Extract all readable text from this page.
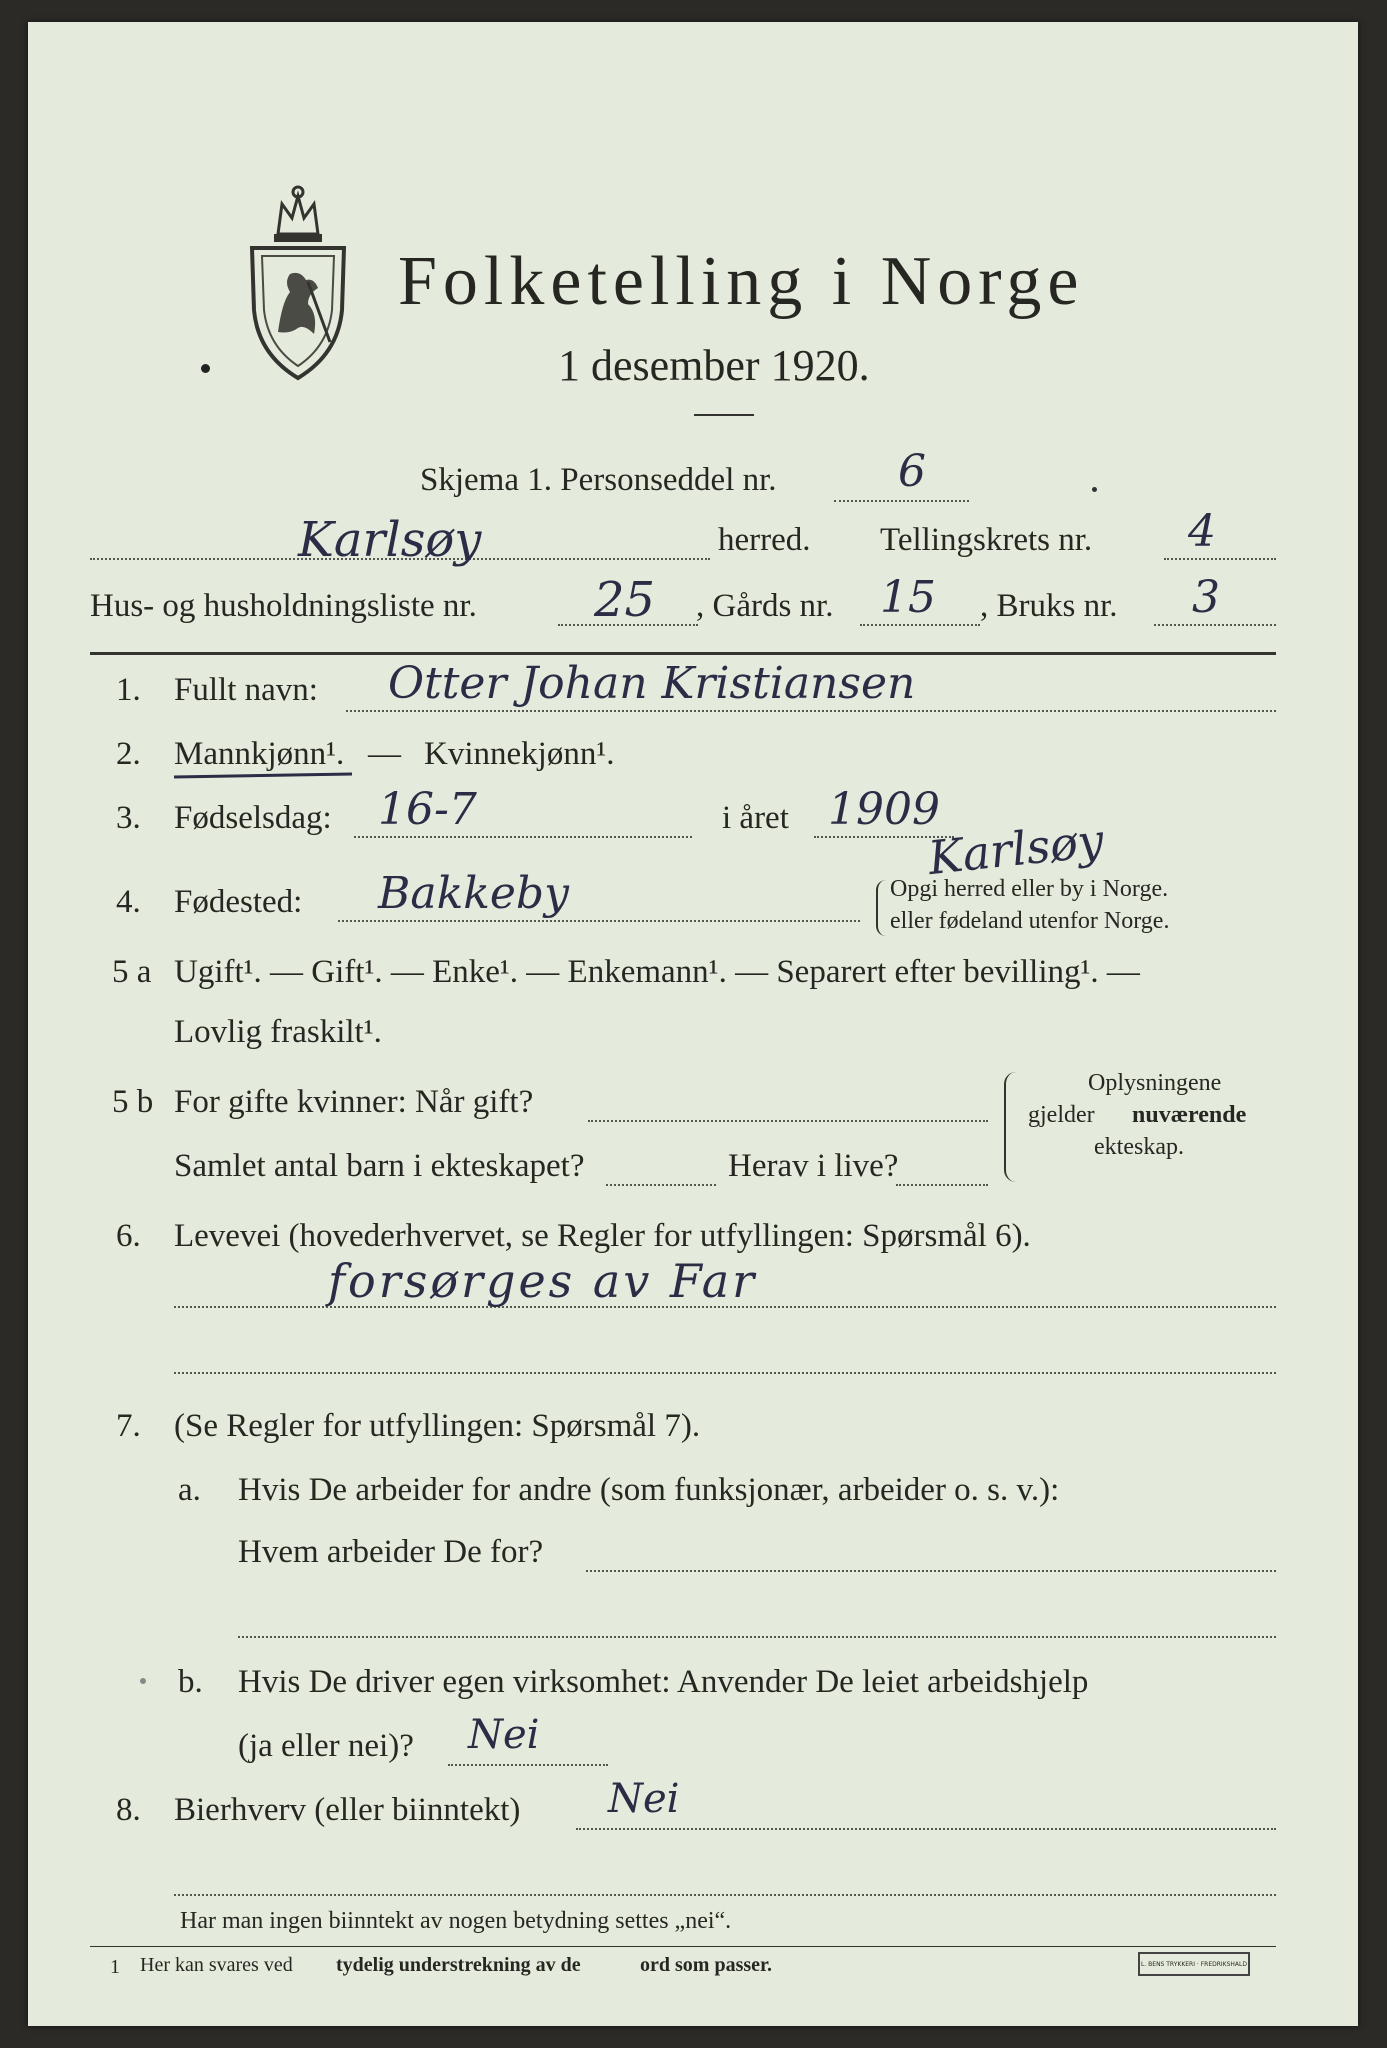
Folketelling i Norge
1 desember 1920.
Skjema 1. Personseddel nr.	6
Karlsøy	herred. Tellingskrets nr. 4
Hus- og husholdningsliste nr. 25 , Gårds nr. 15 , Bruks nr. 3
1. Fullt navn: Otter Johan Kristiansen
2. Mannkjønn¹. — Kvinnekjønn¹.
3. Fødselsdag: 16-7	i året 1909
4. Fødested: Bakkeby
Karlsøy
Opgi herred eller by i Norge.
eller fødeland utenfor Norge.
5 a Ugift¹. — Gift¹. — Enke¹. — Enkemann¹. — Separert efter bevilling¹. —
Lovlig fraskilt¹.
5 b For gifte kvinner: Når gift?
Samlet antal barn i ekteskapet?	Herav i live?
Oplysningene
gjelder nuværende
ekteskap.
6. Levevei (hovederhvervet, se Regler for utfyllingen: Spørsmål 6).
forsørges av Far
7. (Se Regler for utfyllingen: Spørsmål 7).
a. Hvis De arbeider for andre (som funksjonær, arbeider o. s. v.):
Hvem arbeider De for?
b. Hvis De driver egen virksomhet: Anvender De leiet arbeidshjelp
(ja eller nei)? Nei
8. Bierhverv (eller biinntekt) Nei
Har man ingen biinntekt av nogen betydning settes „nei“.
1 Her kan svares ved tydelig understrekning av de	ord som passer.	L. BENS TRYKKERI · FREDRIKSHALD
